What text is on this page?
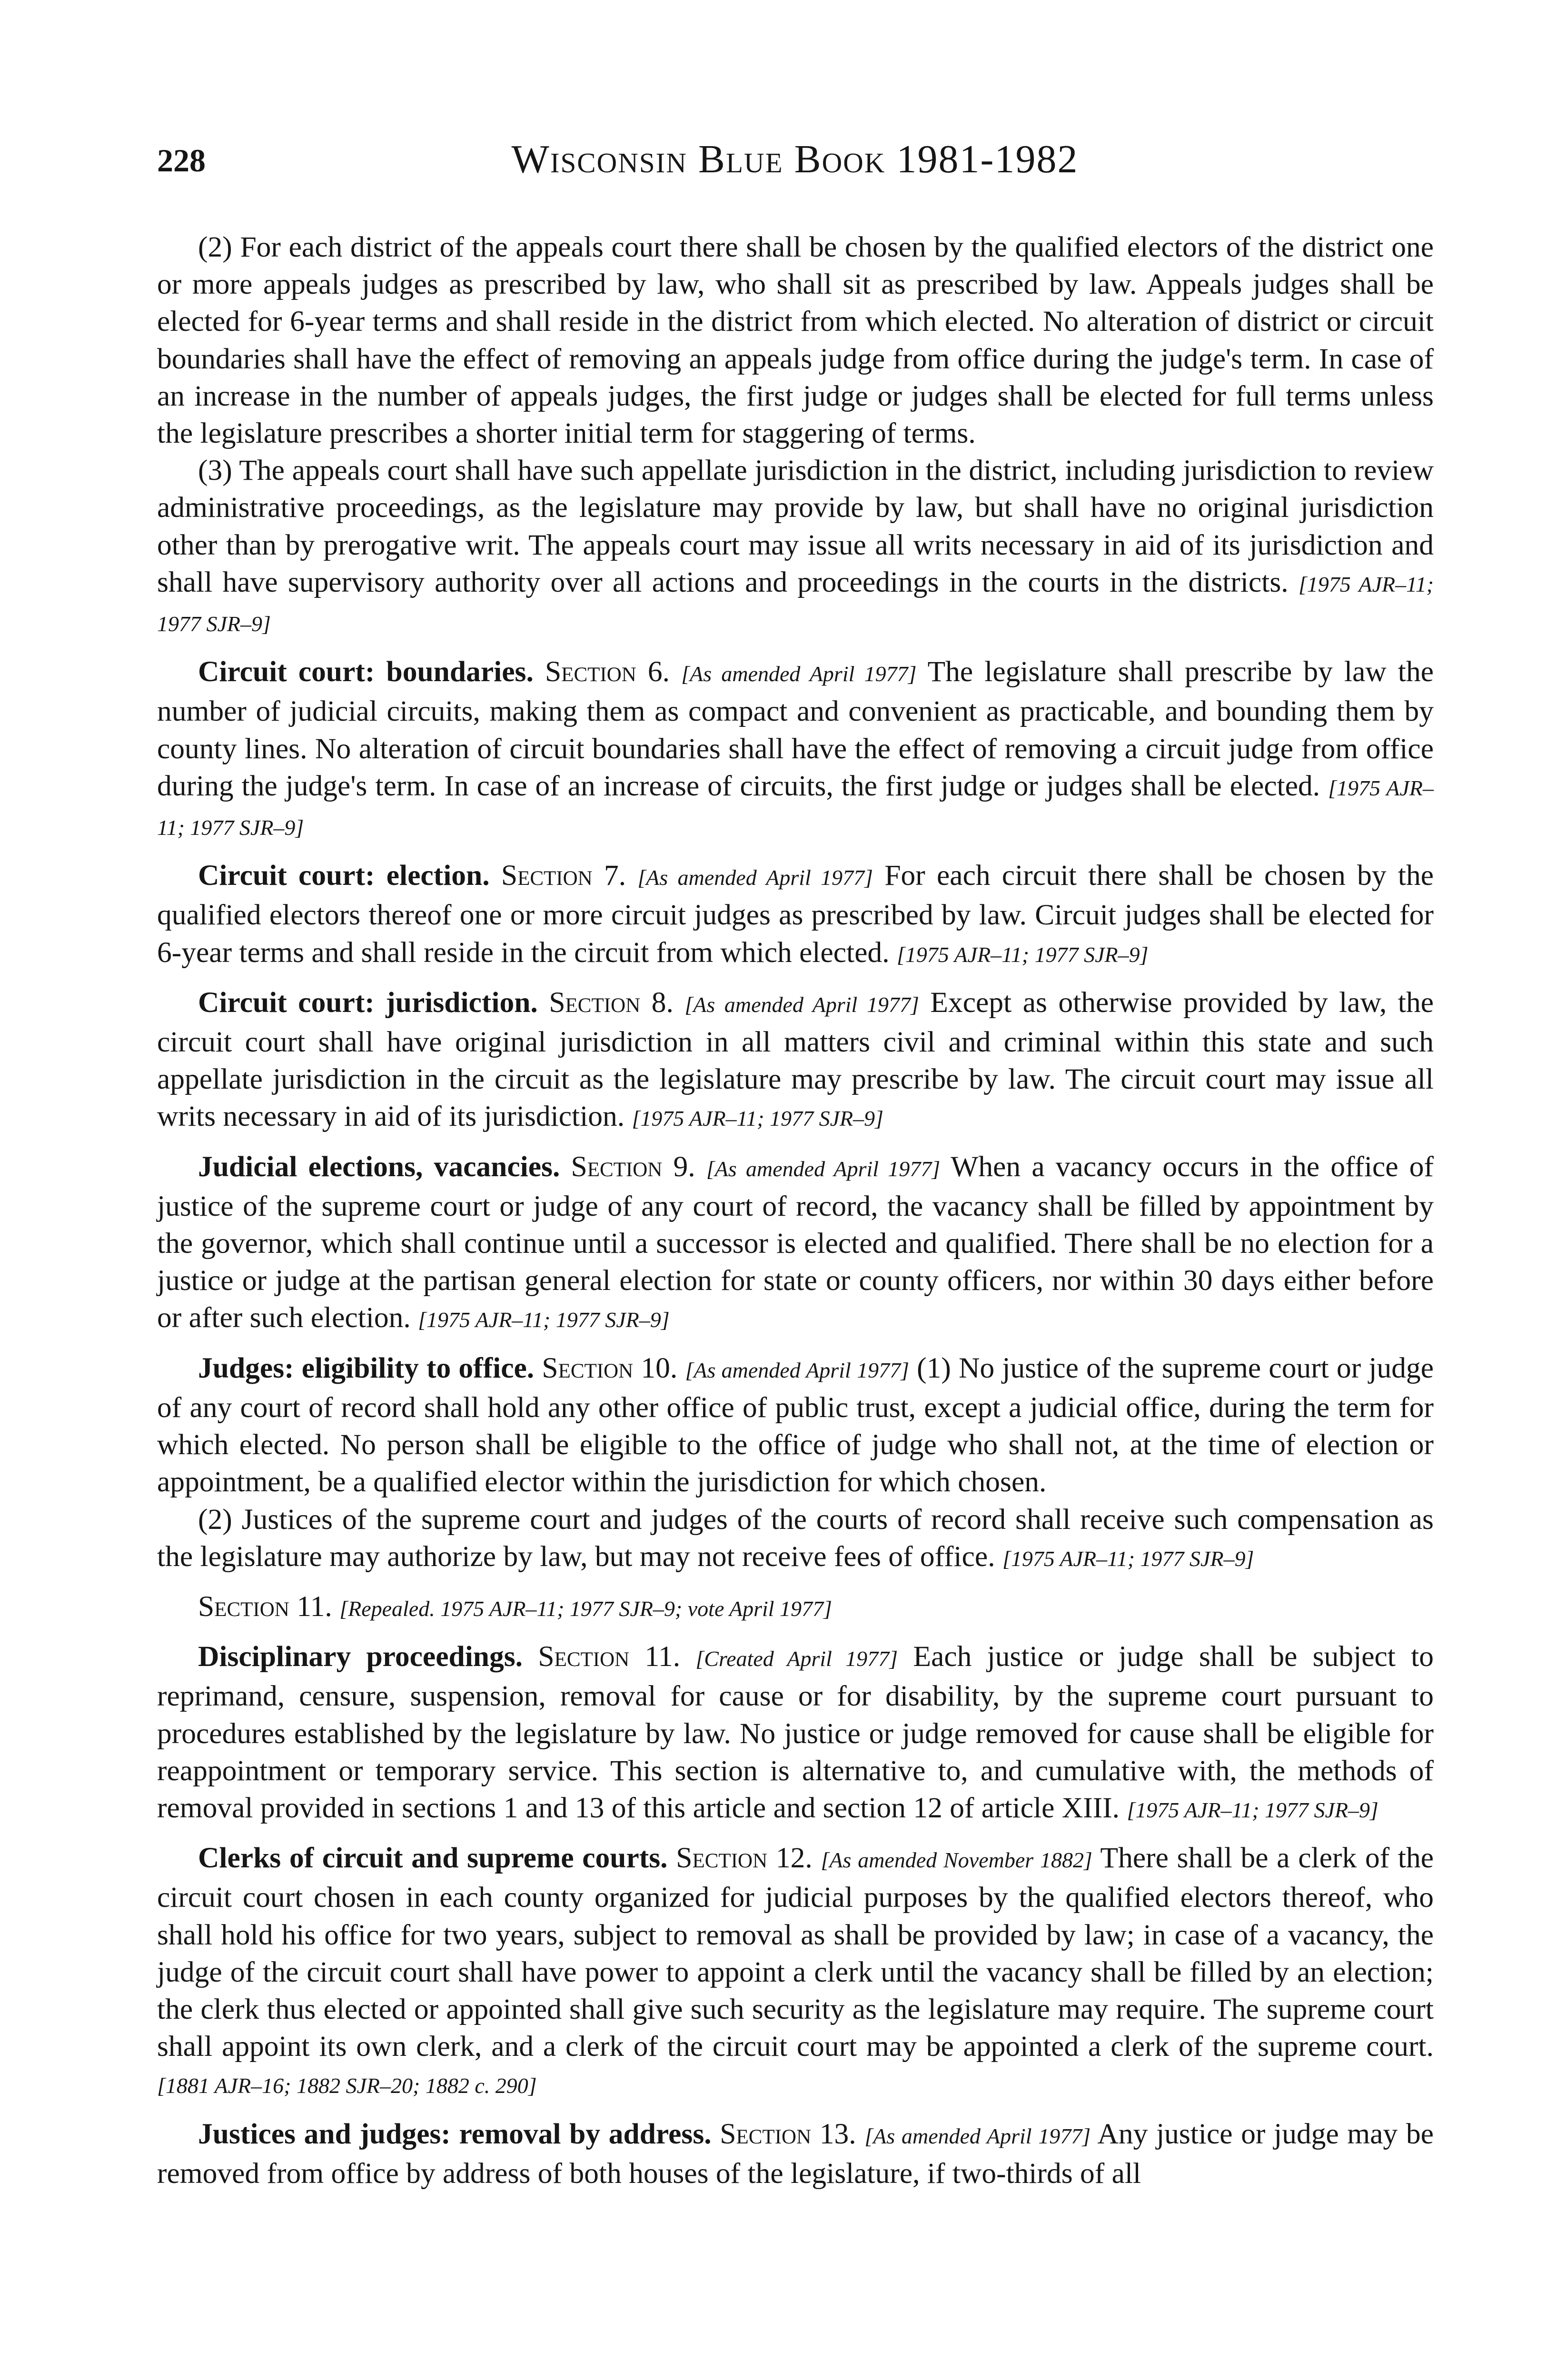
228	Wisconsin Blue Book 1981-1982

(2) For each district of the appeals court there shall be chosen by the qualified electors of the district one or more appeals judges as prescribed by law, who shall sit as prescribed by law. Appeals judges shall be elected for 6-year terms and shall reside in the district from which elected. No alteration of district or circuit boundaries shall have the effect of removing an appeals judge from office during the judge's term. In case of an increase in the number of appeals judges, the first judge or judges shall be elected for full terms unless the legislature prescribes a shorter initial term for staggering of terms.

(3) The appeals court shall have such appellate jurisdiction in the district, including jurisdiction to review administrative proceedings, as the legislature may provide by law, but shall have no original jurisdiction other than by prerogative writ. The appeals court may issue all writs necessary in aid of its jurisdiction and shall have supervisory authority over all actions and proceedings in the courts in the districts. [1975 AJR–11; 1977 SJR–9]

Circuit court: boundaries. Section 6. [As amended April 1977] The legislature shall prescribe by law the number of judicial circuits, making them as compact and convenient as practicable, and bounding them by county lines. No alteration of circuit boundaries shall have the effect of removing a circuit judge from office during the judge's term. In case of an increase of circuits, the first judge or judges shall be elected. [1975 AJR–11; 1977 SJR–9]

Circuit court: election. Section 7. [As amended April 1977] For each circuit there shall be chosen by the qualified electors thereof one or more circuit judges as prescribed by law. Circuit judges shall be elected for 6-year terms and shall reside in the circuit from which elected. [1975 AJR–11; 1977 SJR–9]

Circuit court: jurisdiction. Section 8. [As amended April 1977] Except as otherwise provided by law, the circuit court shall have original jurisdiction in all matters civil and criminal within this state and such appellate jurisdiction in the circuit as the legislature may prescribe by law. The circuit court may issue all writs necessary in aid of its jurisdiction. [1975 AJR–11; 1977 SJR–9]

Judicial elections, vacancies. Section 9. [As amended April 1977] When a vacancy occurs in the office of justice of the supreme court or judge of any court of record, the vacancy shall be filled by appointment by the governor, which shall continue until a successor is elected and qualified. There shall be no election for a justice or judge at the partisan general election for state or county officers, nor within 30 days either before or after such election. [1975 AJR–11; 1977 SJR–9]

Judges: eligibility to office. Section 10. [As amended April 1977] (1) No justice of the supreme court or judge of any court of record shall hold any other office of public trust, except a judicial office, during the term for which elected. No person shall be eligible to the office of judge who shall not, at the time of election or appointment, be a qualified elector within the jurisdiction for which chosen.

(2) Justices of the supreme court and judges of the courts of record shall receive such compensation as the legislature may authorize by law, but may not receive fees of office. [1975 AJR–11; 1977 SJR–9]

Section 11. [Repealed. 1975 AJR–11; 1977 SJR–9; vote April 1977]

Disciplinary proceedings. Section 11. [Created April 1977] Each justice or judge shall be subject to reprimand, censure, suspension, removal for cause or for disability, by the supreme court pursuant to procedures established by the legislature by law. No justice or judge removed for cause shall be eligible for reappointment or temporary service. This section is alternative to, and cumulative with, the methods of removal provided in sections 1 and 13 of this article and section 12 of article XIII. [1975 AJR–11; 1977 SJR–9]

Clerks of circuit and supreme courts. Section 12. [As amended November 1882] There shall be a clerk of the circuit court chosen in each county organized for judicial purposes by the qualified electors thereof, who shall hold his office for two years, subject to removal as shall be provided by law; in case of a vacancy, the judge of the circuit court shall have power to appoint a clerk until the vacancy shall be filled by an election; the clerk thus elected or appointed shall give such security as the legislature may require. The supreme court shall appoint its own clerk, and a clerk of the circuit court may be appointed a clerk of the supreme court. [1881 AJR–16; 1882 SJR–20; 1882 c. 290]

Justices and judges: removal by address. Section 13. [As amended April 1977] Any justice or judge may be removed from office by address of both houses of the legislature, if two-thirds of all
